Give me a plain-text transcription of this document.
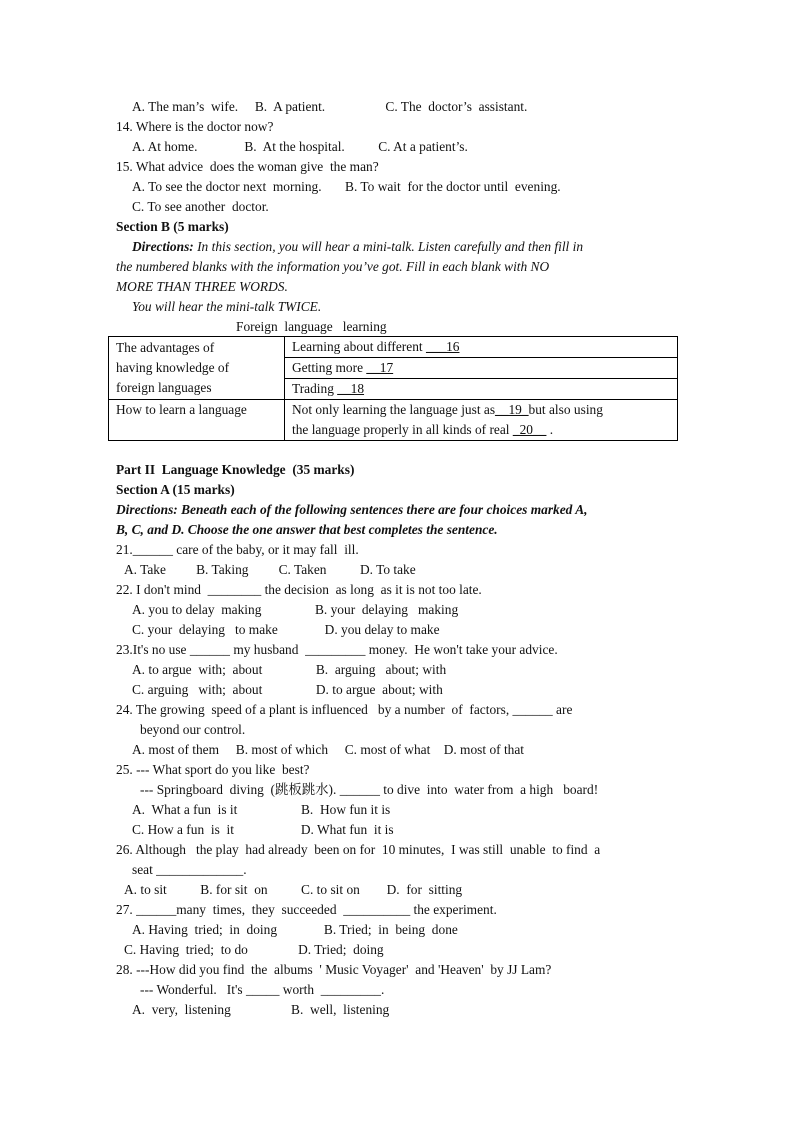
A. The man’s  wife.     B.  A patient.                  C. The  doctor’s  assistant.
14. Where is the doctor now?
A. At home.              B.  At the hospital.          C. At a patient’s.
15. What advice  does the woman give  the man?
A. To see the doctor next  morning.       B. To wait  for the doctor until  evening.
C. To see another  doctor.
Section B (5 marks)
Directions: In this section, you will hear a mini-talk. Listen carefully and then fill in
the numbered blanks with the information you’ve got. Fill in each blank with NO
MORE THAN THREE WORDS.
You will hear the mini-talk TWICE.
Foreign  language   learning
The advantages of
having knowledge of
foreign languages	Learning about different ___16
	Getting more __17
	Trading __18
How to learn a language	Not only learning the language just as__19_but also using
the language properly in all kinds of real _20__ .
Part II  Language Knowledge  (35 marks)
Section A (15 marks)
Directions: Beneath each of the following sentences there are four choices marked A,
B, C, and D. Choose the one answer that best completes the sentence.
21.______ care of the baby, or it may fall  ill.
A. Take         B. Taking         C. Taken          D. To take
22. I don't mind  ________ the decision  as long  as it is not too late.
A. you to delay  making                B. your  delaying   making
C. your  delaying   to make              D. you delay to make
23.It's no use ______ my husband  _________ money.  He won't take your advice.
A. to argue  with;  about                B.  arguing   about; with
C. arguing   with;  about                D. to argue  about; with
24. The growing  speed of a plant is influenced   by a number  of  factors, ______ are
beyond our control.
A. most of them     B. most of which     C. most of what    D. most of that
25. --- What sport do you like  best?
--- Springboard  diving  (跳板跳水). ______ to dive  into  water from  a high   board!
A.  What a fun  is it                   B.  How fun it is
C. How a fun  is  it                    D. What fun  it is
26. Although   the play  had already  been on for  10 minutes,  I was still  unable  to find  a
seat _____________.
A. to sit          B. for sit  on          C. to sit on        D.  for  sitting
27. ______many  times,  they  succeeded  __________ the experiment.
A. Having  tried;  in  doing              B. Tried;  in  being  done
C. Having  tried;  to do               D. Tried;  doing
28. ---How did you find  the  albums  ' Music Voyager'  and 'Heaven'  by JJ Lam?
--- Wonderful.   It's _____ worth  _________.
A.  very,  listening                  B.  well,  listening
